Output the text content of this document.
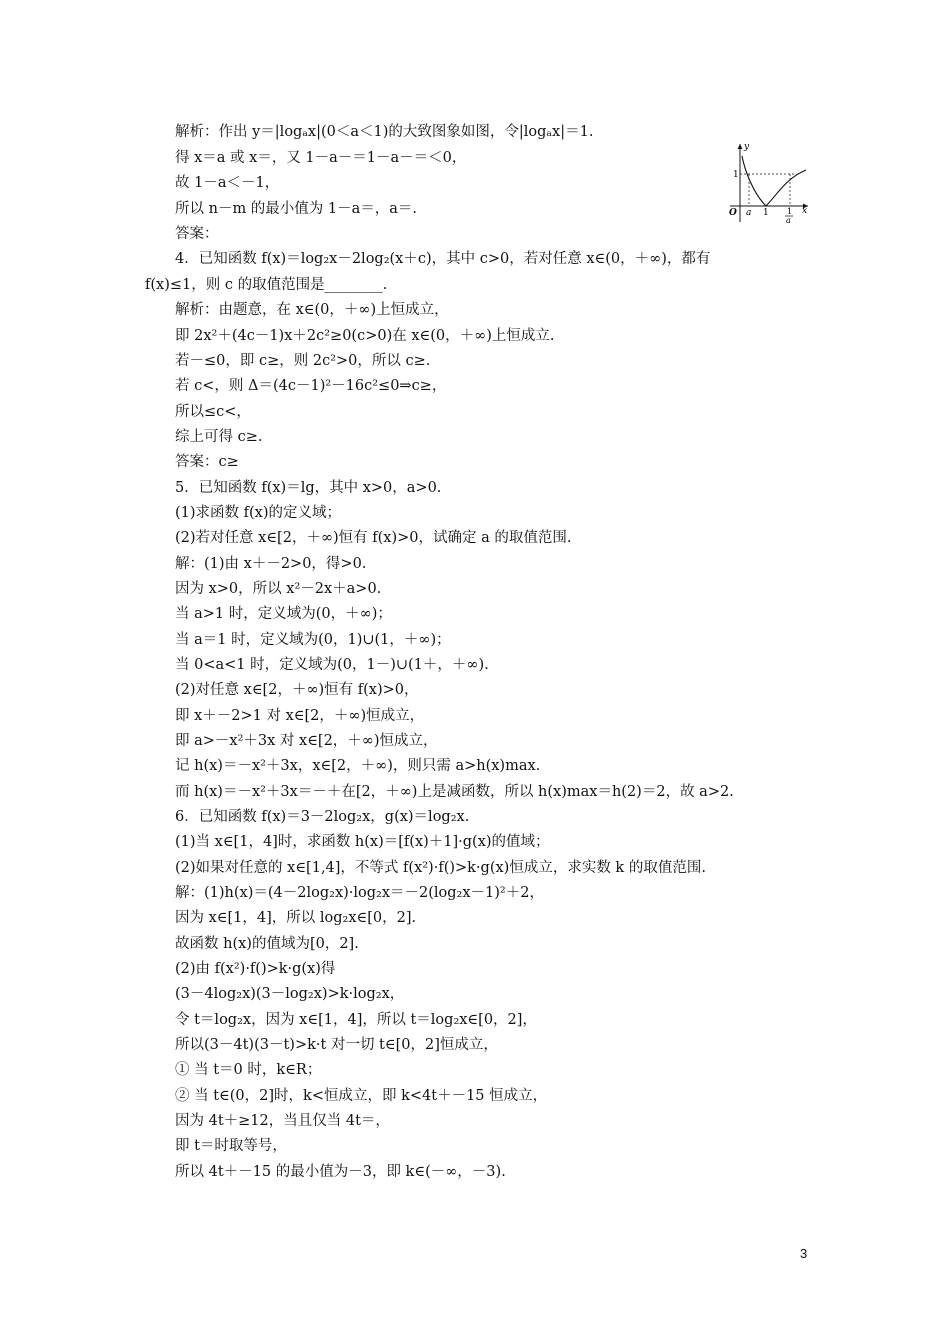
解析：作出 y＝|logₐx|(0＜a＜1)的大致图象如图，令|logₐx|＝1.
得 x＝a 或 x＝，又 1－a－＝1－a－＝＜0，
故 1－a＜－1，
所以 n－m 的最小值为 1－a＝，a＝.
答案：
4．已知函数 f(x)＝log₂x－2log₂(x＋c)，其中 c>0，若对任意 x∈(0，＋∞)，都有
f(x)≤1，则 c 的取值范围是________.
解析：由题意，在 x∈(0，＋∞)上恒成立，
即 2x²＋(4c－1)x＋2c²≥0(c>0)在 x∈(0，＋∞)上恒成立.
若－≤0，即 c≥，则 2c²>0，所以 c≥.
若 c<，则 Δ＝(4c－1)²－16c²≤0⇒c≥，
所以≤c<，
综上可得 c≥.
答案：c≥
5．已知函数 f(x)＝lg，其中 x>0，a>0.
(1)求函数 f(x)的定义域；
(2)若对任意 x∈[2，＋∞)恒有 f(x)>0，试确定 a 的取值范围.
解：(1)由 x＋－2>0，得>0.
因为 x>0，所以 x²－2x＋a>0.
当 a>1 时，定义域为(0，＋∞)；
当 a＝1 时，定义域为(0，1)∪(1，＋∞)；
当 0<a<1 时，定义域为(0，1－)∪(1＋，＋∞).
(2)对任意 x∈[2，＋∞)恒有 f(x)>0，
即 x＋－2>1 对 x∈[2，＋∞)恒成立，
即 a>－x²＋3x 对 x∈[2，＋∞)恒成立，
记 h(x)＝－x²＋3x，x∈[2，＋∞)，则只需 a>h(x)max.
而 h(x)＝－x²＋3x＝－＋在[2，＋∞)上是减函数，所以 h(x)max＝h(2)＝2，故 a>2.
6．已知函数 f(x)＝3－2log₂x，g(x)＝log₂x.
(1)当 x∈[1，4]时，求函数 h(x)＝[f(x)＋1]·g(x)的值域；
(2)如果对任意的 x∈[1,4]，不等式 f(x²)·f()>k·g(x)恒成立，求实数 k 的取值范围.
解：(1)h(x)＝(4－2log₂x)·log₂x＝－2(log₂x－1)²＋2，
因为 x∈[1，4]，所以 log₂x∈[0，2].
故函数 h(x)的值域为[0，2].
(2)由 f(x²)·f()>k·g(x)得
(3－4log₂x)(3－log₂x)>k·log₂x，
令 t＝log₂x，因为 x∈[1，4]，所以 t＝log₂x∈[0，2]，
所以(3－4t)(3－t)>k·t 对一切 t∈[0，2]恒成立，
① 当 t＝0 时，k∈R；
② 当 t∈(0，2]时，k<恒成立，即 k<4t＋－15 恒成立，
因为 4t＋≥12，当且仅当 4t＝，
即 t＝时取等号，
所以 4t＋－15 的最小值为－3，即 k∈(－∞，－3).
y
x
O a 1
1
1
a
3
